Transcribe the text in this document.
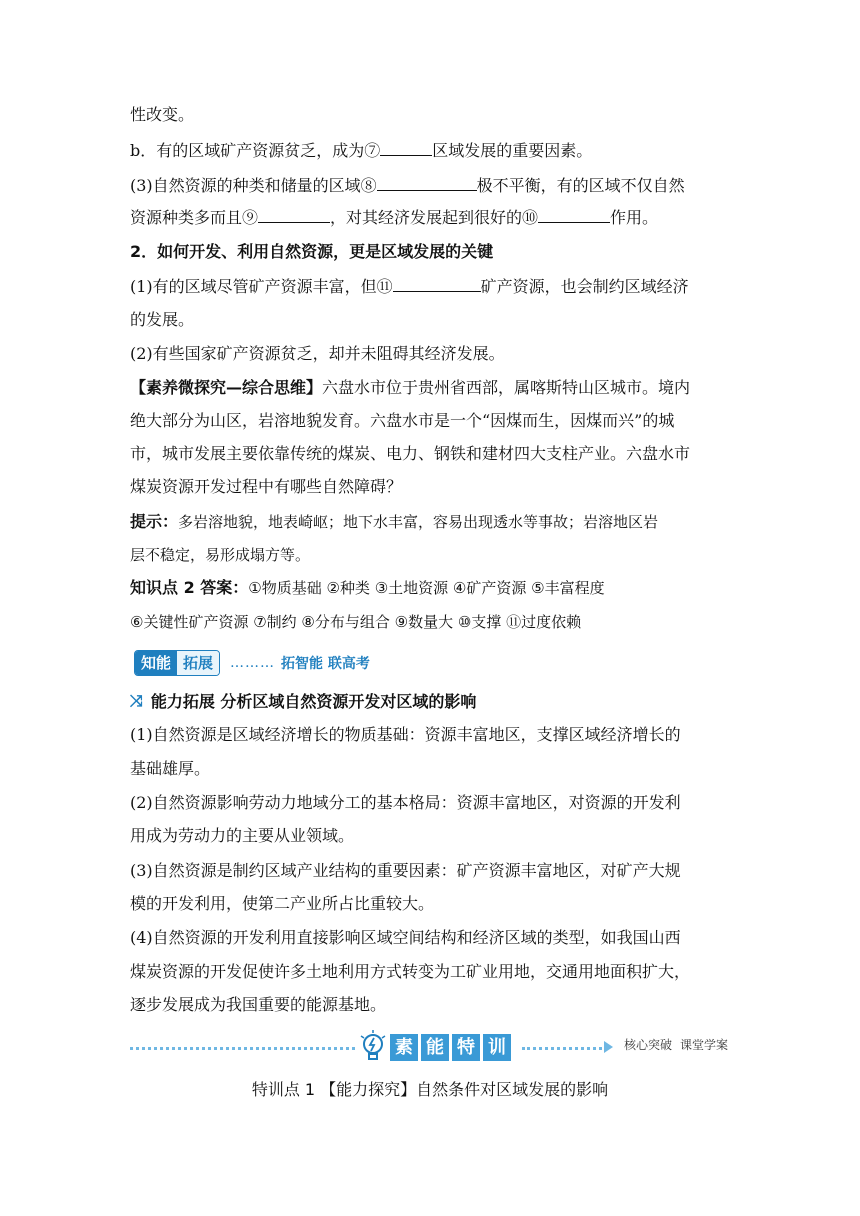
性改变。
b．有的区域矿产资源贫乏，成为⑦	区域发展的重要因素。
(3)自然资源的种类和储量的区域⑧	极不平衡，有的区域不仅自然
资源种类多而且⑨	，对其经济发展起到很好的⑩	作用。
2．如何开发、利用自然资源，更是区域发展的关键
(1)有的区域尽管矿产资源丰富，但⑪	矿产资源，也会制约区域经济
的发展。
(2)有些国家矿产资源贫乏，却并未阻碍其经济发展。
【素养微探究—综合思维】六盘水市位于贵州省西部，属喀斯特山区城市。境内
绝大部分为山区，岩溶地貌发育。六盘水市是一个“因煤而生，因煤而兴”的城
市，城市发展主要依靠传统的煤炭、电力、钢铁和建材四大支柱产业。六盘水市
煤炭资源开发过程中有哪些自然障碍？
提示：多岩溶地貌，地表崎岖；地下水丰富，容易出现透水等事故；岩溶地区岩
层不稳定，易形成塌方等。
知识点 2 答案：①物质基础 ②种类 ③土地资源 ④矿产资源 ⑤丰富程度
⑥关键性矿产资源 ⑦制约 ⑧分布与组合 ⑨数量大 ⑩支撑 ⑪过度依赖
知能 拓展	……… 拓智能 联高考
⤨ 能力拓展 分析区域自然资源开发对区域的影响
(1)自然资源是区域经济增长的物质基础：资源丰富地区，支撑区域经济增长的
基础雄厚。
(2)自然资源影响劳动力地域分工的基本格局：资源丰富地区，对资源的开发利
用成为劳动力的主要从业领域。
(3)自然资源是制约区域产业结构的重要因素：矿产资源丰富地区，对矿产大规
模的开发利用，使第二产业所占比重较大。
(4)自然资源的开发利用直接影响区域空间结构和经济区域的类型，如我国山西
煤炭资源的开发促使许多土地利用方式转变为工矿业用地，交通用地面积扩大，
逐步发展成为我国重要的能源基地。
素 能 特 训	核心突破 课堂学案
特训点 1 【能力探究】自然条件对区域发展的影响
